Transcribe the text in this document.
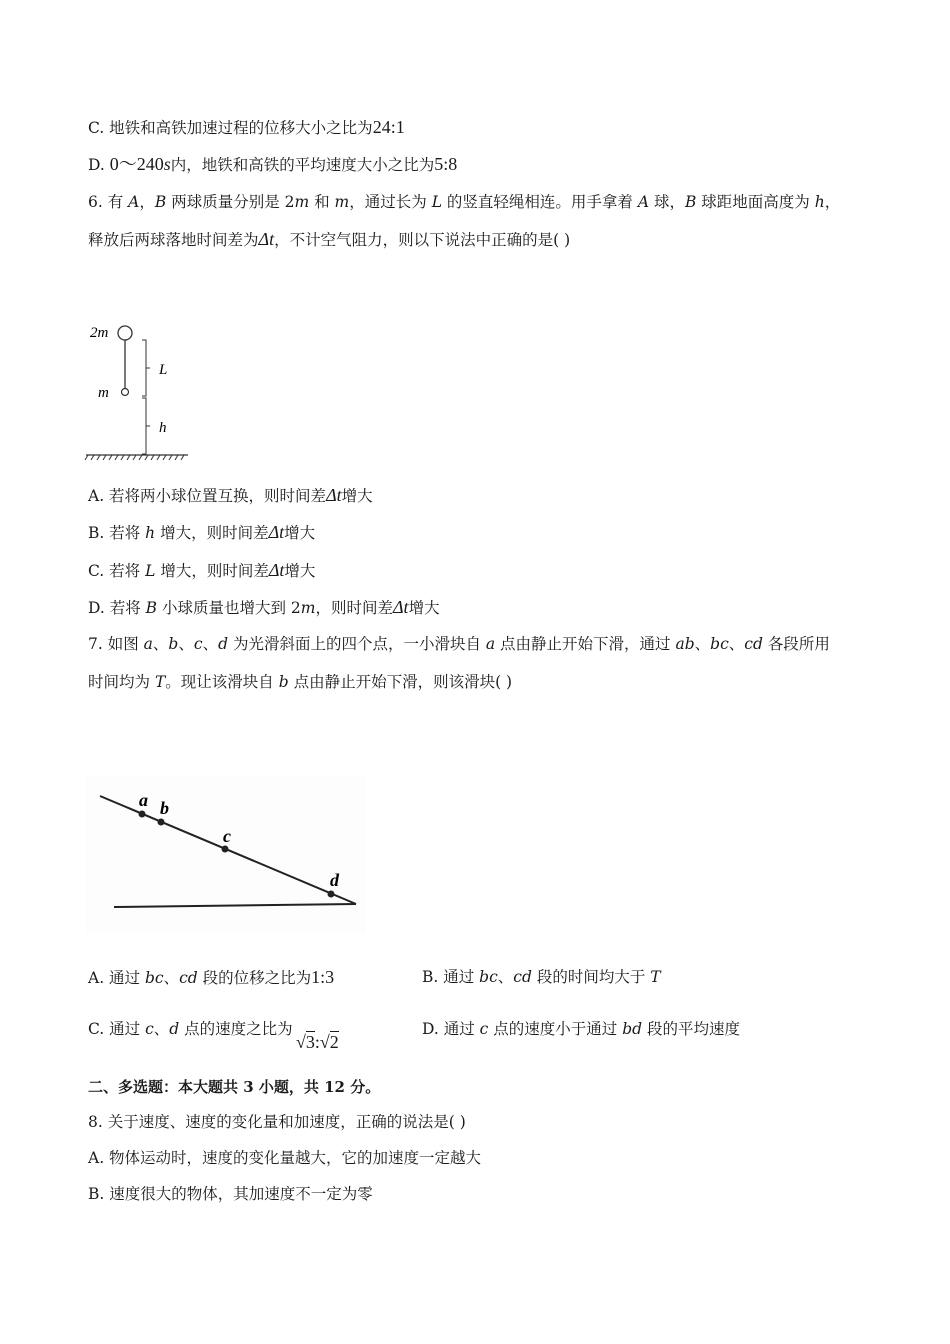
C. 地铁和高铁加速过程的位移大小之比为24:1
D. 0～240s内，地铁和高铁的平均速度大小之比为5:8
6. 有 A，B 两球质量分别是 2m 和 m，通过长为 L 的竖直轻绳相连。用手拿着 A 球，B 球距地面高度为 h，
释放后两球落地时间差为Δt，不计空气阻力，则以下说法中正确的是( )
2m
m
L
h
A. 若将两小球位置互换，则时间差Δt增大
B. 若将 h 增大，则时间差Δt增大
C. 若将 L 增大，则时间差Δt增大
D. 若将 B 小球质量也增大到 2m，则时间差Δt增大
7. 如图 a、b、c、d 为光滑斜面上的四个点，一小滑块自 a 点由静止开始下滑，通过 ab、bc、cd 各段所用
时间均为 T。现让该滑块自 b 点由静止开始下滑，则该滑块( )
a b
c
d
A. 通过 bc、cd 段的位移之比为1:3	B. 通过 bc、cd 段的时间均大于 T
C. 通过 c、d 点的速度之比为
√3:√2
D. 通过 c 点的速度小于通过 bd 段的平均速度
二、多选题：本大题共 3 小题，共 12 分。
8. 关于速度、速度的变化量和加速度，正确的说法是( )
A. 物体运动时，速度的变化量越大，它的加速度一定越大
B. 速度很大的物体，其加速度不一定为零
